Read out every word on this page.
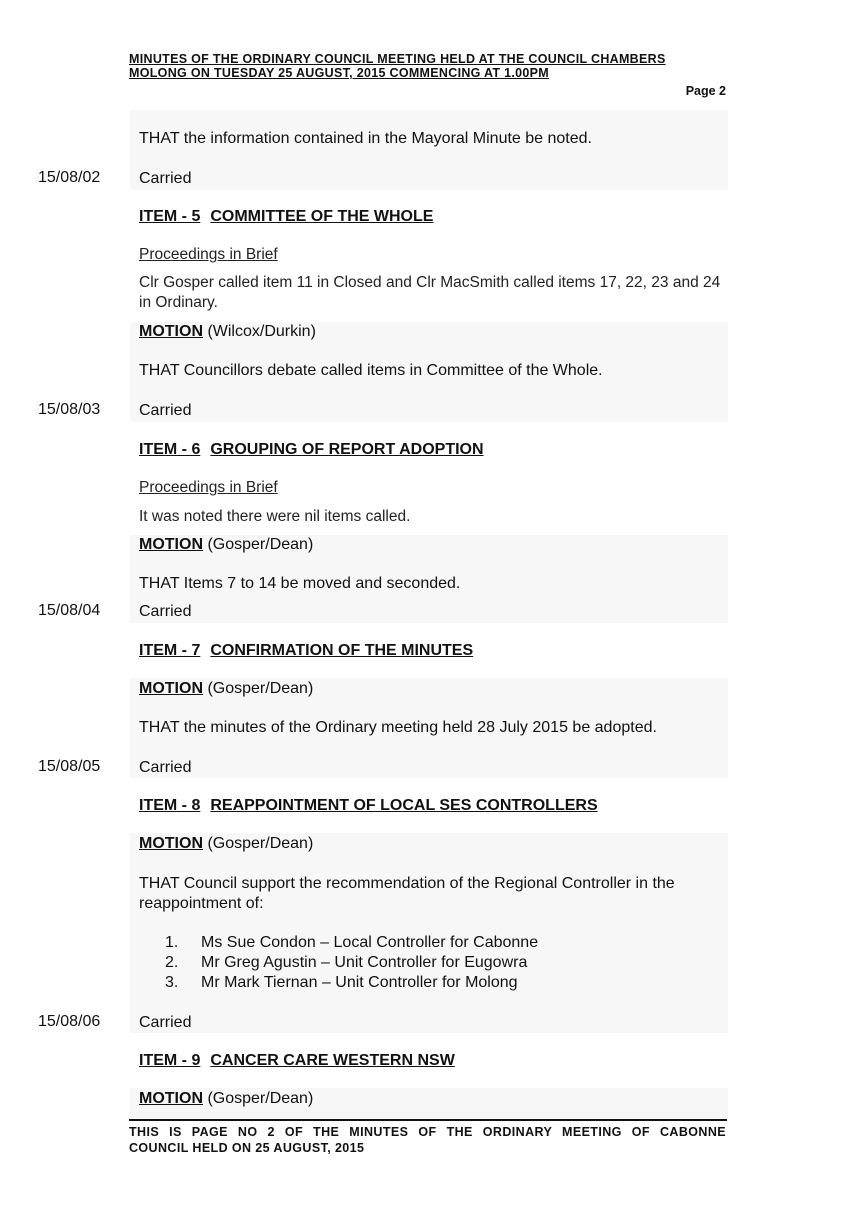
MINUTES OF THE ORDINARY COUNCIL MEETING HELD AT THE COUNCIL CHAMBERS
MOLONG ON TUESDAY 25 AUGUST, 2015 COMMENCING AT 1.00PM
Page 2
THAT the information contained in the Mayoral Minute be noted.
15/08/02 Carried
ITEM - 5 COMMITTEE OF THE WHOLE
Proceedings in Brief
Clr Gosper called item 11 in Closed and Clr MacSmith called items 17, 22, 23 and 24 in Ordinary.
MOTION (Wilcox/Durkin)
THAT Councillors debate called items in Committee of the Whole.
15/08/03 Carried
ITEM - 6 GROUPING OF REPORT ADOPTION
Proceedings in Brief
It was noted there were nil items called.
MOTION (Gosper/Dean)
THAT Items 7 to 14 be moved and seconded.
15/08/04 Carried
ITEM - 7 CONFIRMATION OF THE MINUTES
MOTION (Gosper/Dean)
THAT the minutes of the Ordinary meeting held 28 July 2015 be adopted.
15/08/05 Carried
ITEM - 8 REAPPOINTMENT OF LOCAL SES CONTROLLERS
MOTION (Gosper/Dean)
THAT Council support the recommendation of the Regional Controller in the reappointment of:
1. Ms Sue Condon – Local Controller for Cabonne
2. Mr Greg Agustin – Unit Controller for Eugowra
3. Mr Mark Tiernan – Unit Controller for Molong
15/08/06 Carried
ITEM - 9 CANCER CARE WESTERN NSW
MOTION (Gosper/Dean)
THIS IS PAGE NO 2 OF THE MINUTES OF THE ORDINARY MEETING OF CABONNE
COUNCIL HELD ON 25 AUGUST, 2015
